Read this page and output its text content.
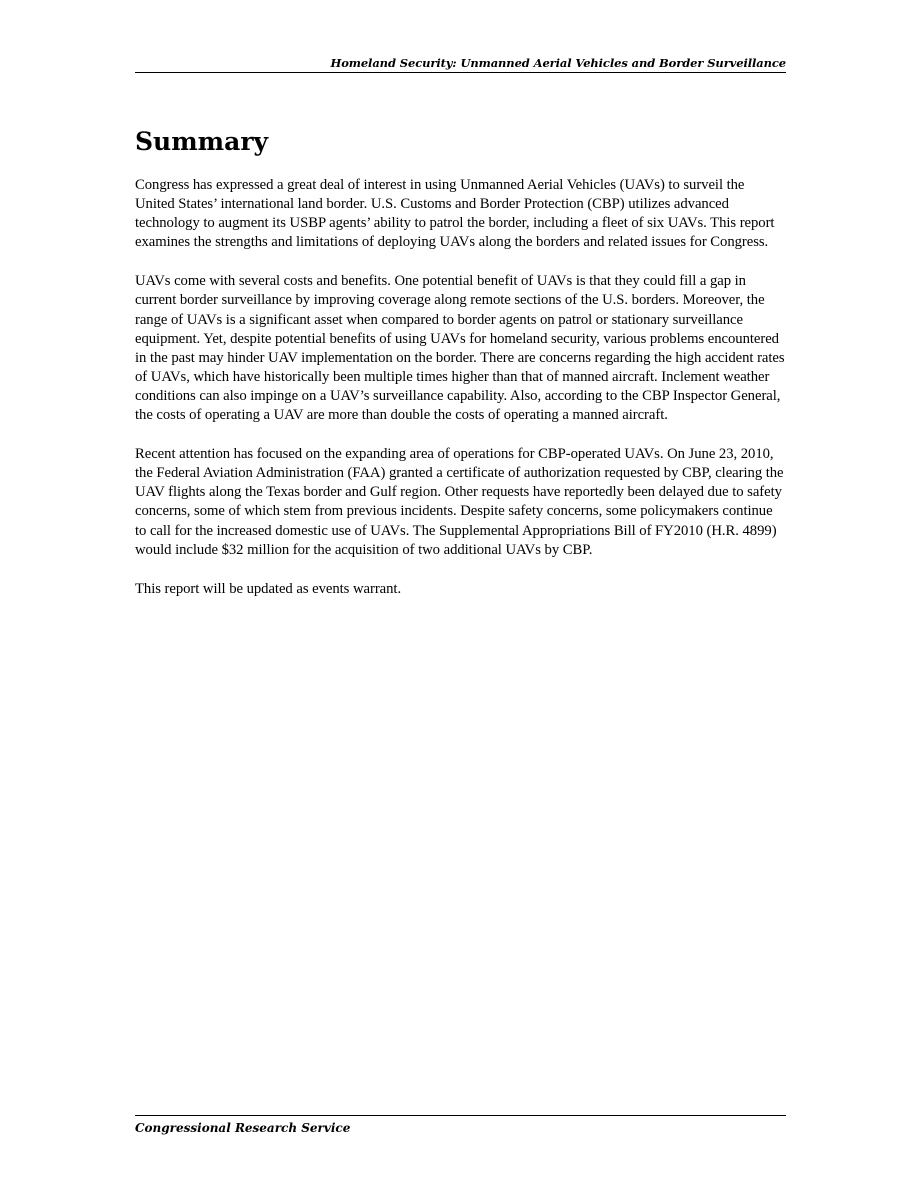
Homeland Security: Unmanned Aerial Vehicles and Border Surveillance
Summary

Congress has expressed a great deal of interest in using Unmanned Aerial Vehicles (UAVs) to surveil the United States’ international land border. U.S. Customs and Border Protection (CBP) utilizes advanced technology to augment its USBP agents’ ability to patrol the border, including a fleet of six UAVs. This report examines the strengths and limitations of deploying UAVs along the borders and related issues for Congress.

UAVs come with several costs and benefits. One potential benefit of UAVs is that they could fill a gap in current border surveillance by improving coverage along remote sections of the U.S. borders. Moreover, the range of UAVs is a significant asset when compared to border agents on patrol or stationary surveillance equipment. Yet, despite potential benefits of using UAVs for homeland security, various problems encountered in the past may hinder UAV implementation on the border. There are concerns regarding the high accident rates of UAVs, which have historically been multiple times higher than that of manned aircraft. Inclement weather conditions can also impinge on a UAV’s surveillance capability. Also, according to the CBP Inspector General, the costs of operating a UAV are more than double the costs of operating a manned aircraft.

Recent attention has focused on the expanding area of operations for CBP-operated UAVs. On June 23, 2010, the Federal Aviation Administration (FAA) granted a certificate of authorization requested by CBP, clearing the UAV flights along the Texas border and Gulf region. Other requests have reportedly been delayed due to safety concerns, some of which stem from previous incidents. Despite safety concerns, some policymakers continue to call for the increased domestic use of UAVs. The Supplemental Appropriations Bill of FY2010 (H.R. 4899) would include $32 million for the acquisition of two additional UAVs by CBP.

This report will be updated as events warrant.

Congressional Research Service
